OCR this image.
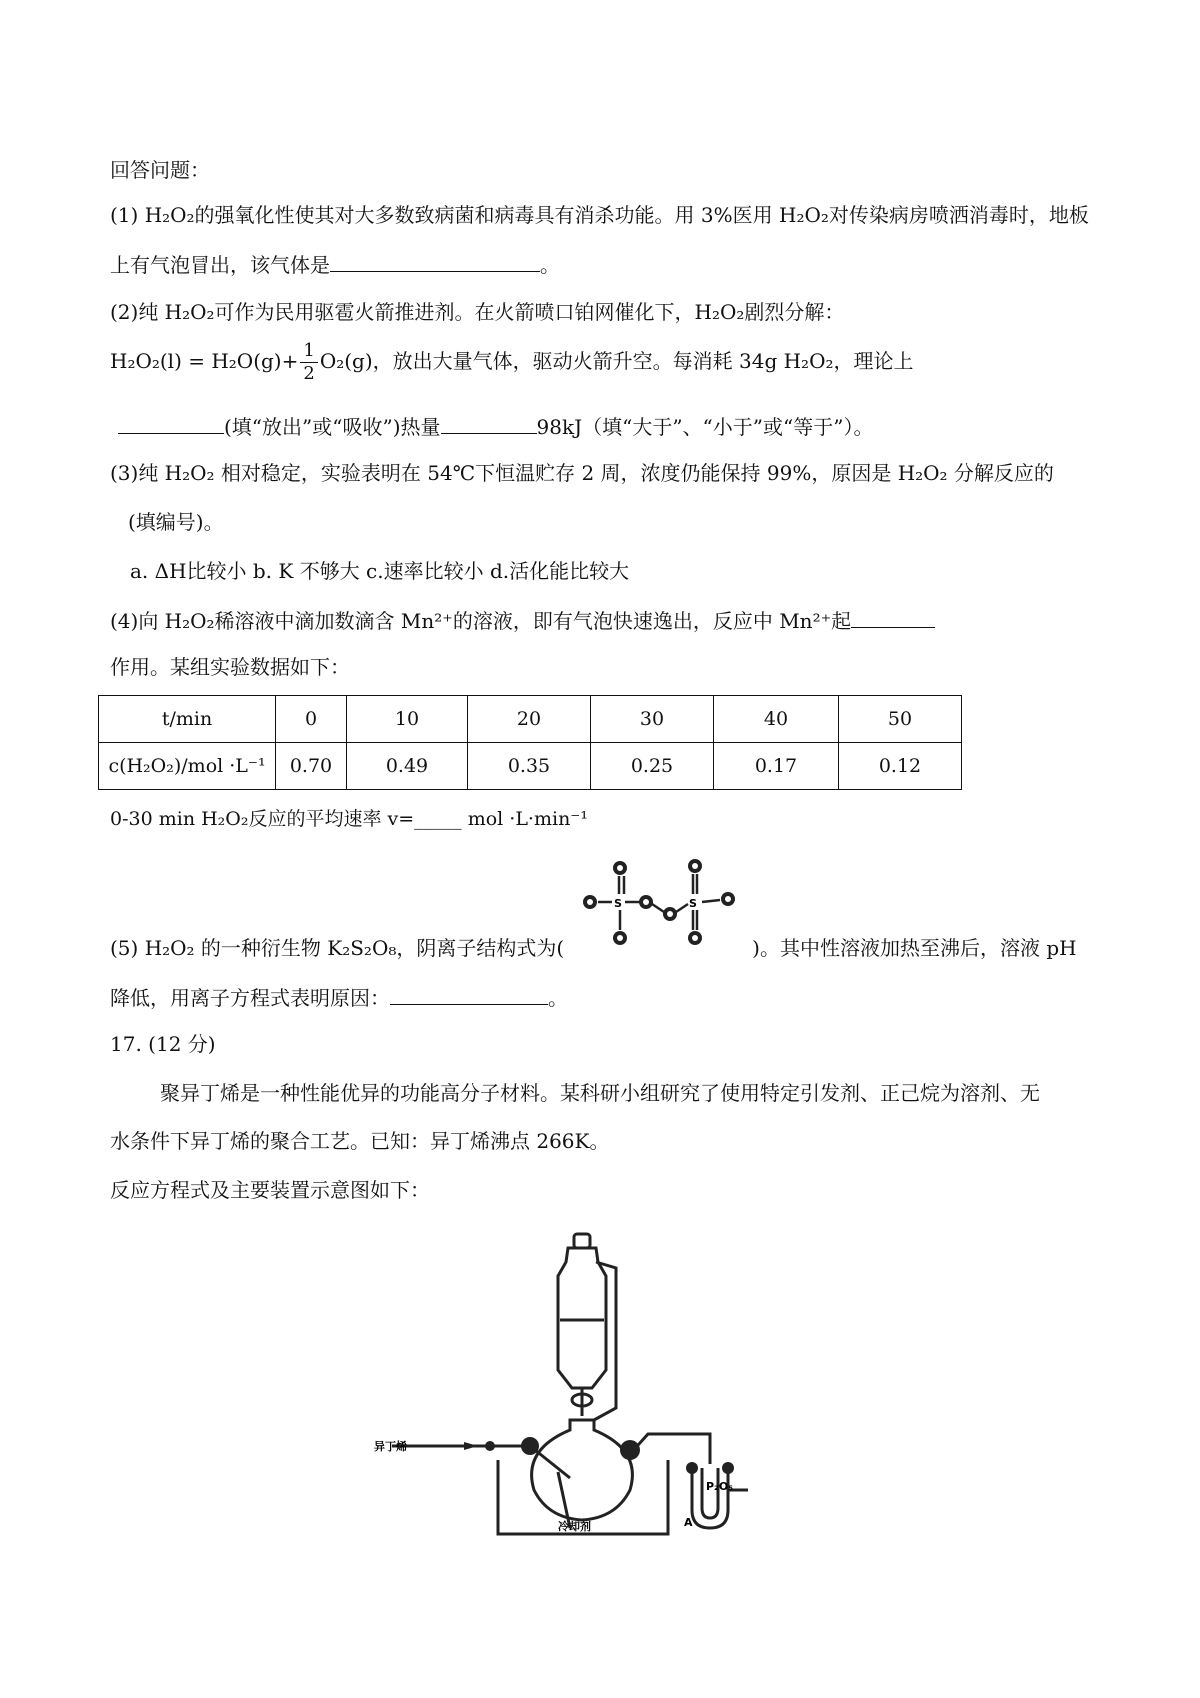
回答问题：
(1) H₂O₂的强氧化性使其对大多数致病菌和病毒具有消杀功能。用 3%医用 H₂O₂对传染病房喷洒消毒时，地板
上有气泡冒出，该气体是	。
(2)纯 H₂O₂可作为民用驱雹火箭推进剂。在火箭喷口铂网催化下，H₂O₂剧烈分解：
$H_2O_2(l) = H_2O(g)+ \frac{1}{2} O_2(g)$，放出大量气体，驱动火箭升空。每消耗 34g H₂O₂，理论上
(填“放出”或“吸收”)热量	98kJ（填“大于”、“小于”或“等于”）。
(3)纯 H₂O₂ 相对稳定，实验表明在 54℃下恒温贮存 2 周，浓度仍能保持 99%，原因是 H₂O₂ 分解反应的
(填编号)。
a. ΔH比较小 b. K 不够大 c.速率比较小 d.活化能比较大
(4)向 H₂O₂稀溶液中滴加数滴含 Mn²⁺的溶液，即有气泡快速逸出，反应中 Mn²⁺起
作用。某组实验数据如下：
t/min	0	10	20	30	40	50
c(H₂O₂)/mol ·L⁻¹	0.70	0.49	0.35	0.25	0.17	0.12
0-30 min H₂O₂反应的平均速率 v=_____ mol ·L·min⁻¹
S	S
(5) H₂O₂ 的一种衍生物 K₂S₂O₈，阴离子结构式为(	)。其中性溶液加热至沸后，溶液 pH
降低，用离子方程式表明原因：	。
17. (12 分)
聚异丁烯是一种性能优异的功能高分子材料。某科研小组研究了使用特定引发剂、正己烷为溶剂、无
水条件下异丁烯的聚合工艺。已知：异丁烯沸点 266K。
反应方程式及主要装置示意图如下：
异丁烯
冷却剂
P₂O₅
A
